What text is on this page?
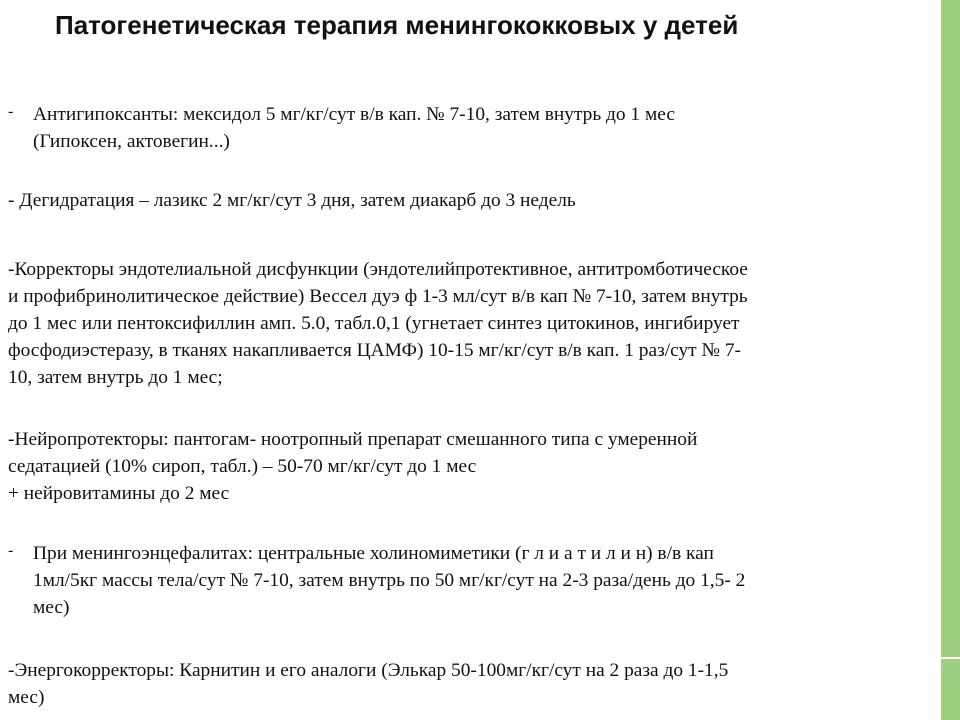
Патогенетическая терапия менингококковых у детей
- Антигипоксанты: мексидол 5 мг/кг/сут в/в кап. № 7-10, затем внутрь до 1 мес
(Гипоксен, актовегин...)

- Дегидратация – лазикс 2 мг/кг/сут 3 дня, затем диакарб до 3 недель

-Корректоры эндотелиальной дисфункции (эндотелийпротективное, антитромботическое
и профибринолитическое действие) Вессел дуэ ф 1-3 мл/сут в/в кап № 7-10, затем внутрь
до 1 мес или пентоксифиллин амп. 5.0, табл.0,1 (угнетает синтез цитокинов, ингибирует
фосфодиэстеразу, в тканях накапливается ЦАМФ) 10-15 мг/кг/сут в/в кап. 1 раз/сут № 7-
10, затем внутрь до 1 мес;

-Нейропротекторы: пантогам- ноотропный препарат смешанного типа с умеренной
седатацией (10% сироп, табл.) – 50-70 мг/кг/сут до 1 мес
+ нейровитамины до 2 мес

- При менингоэнцефалитах: центральные холиномиметики (г л и а т и л и н) в/в кап
1мл/5кг массы тела/сут № 7-10, затем внутрь по 50 мг/кг/сут на 2-3 раза/день до 1,5- 2
мес)

-Энергокорректоры: Карнитин и его аналоги (Элькар 50-100мг/кг/сут на 2 раза до 1-1,5
мес)
